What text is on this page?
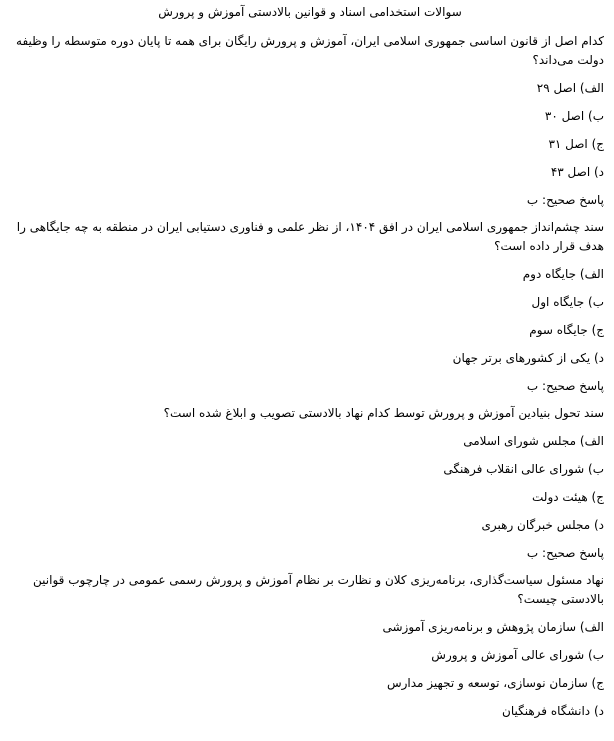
سوالات استخدامی اسناد و قوانین بالادستی آموزش و پرورش

کدام اصل از قانون اساسی جمهوری اسلامی ایران، آموزش و پرورش رایگان برای همه تا پایان دوره متوسطه را وظیفه دولت می‌داند؟

الف) اصل ۲۹

ب) اصل ۳۰

ج) اصل ۳۱

د) اصل ۴۳

پاسخ صحیح: ب

سند چشم‌انداز جمهوری اسلامی ایران در افق ۱۴۰۴، از نظر علمی و فناوری دستیابی ایران در منطقه به چه جایگاهی را هدف قرار داده است؟

الف) جایگاه دوم

ب) جایگاه اول

ج) جایگاه سوم

د) یکی از کشورهای برتر جهان

پاسخ صحیح: ب

سند تحول بنیادین آموزش و پرورش توسط کدام نهاد بالادستی تصویب و ابلاغ شده است؟

الف) مجلس شورای اسلامی

ب) شورای عالی انقلاب فرهنگی

ج) هیئت دولت

د) مجلس خبرگان رهبری

پاسخ صحیح: ب

نهاد مسئول سیاست‌گذاری، برنامه‌ریزی کلان و نظارت بر نظام آموزش و پرورش رسمی عمومی در چارچوب قوانین بالادستی چیست؟

الف) سازمان پژوهش و برنامه‌ریزی آموزشی

ب) شورای عالی آموزش و پرورش

ج) سازمان نوسازی، توسعه و تجهیز مدارس

د) دانشگاه فرهنگیان
